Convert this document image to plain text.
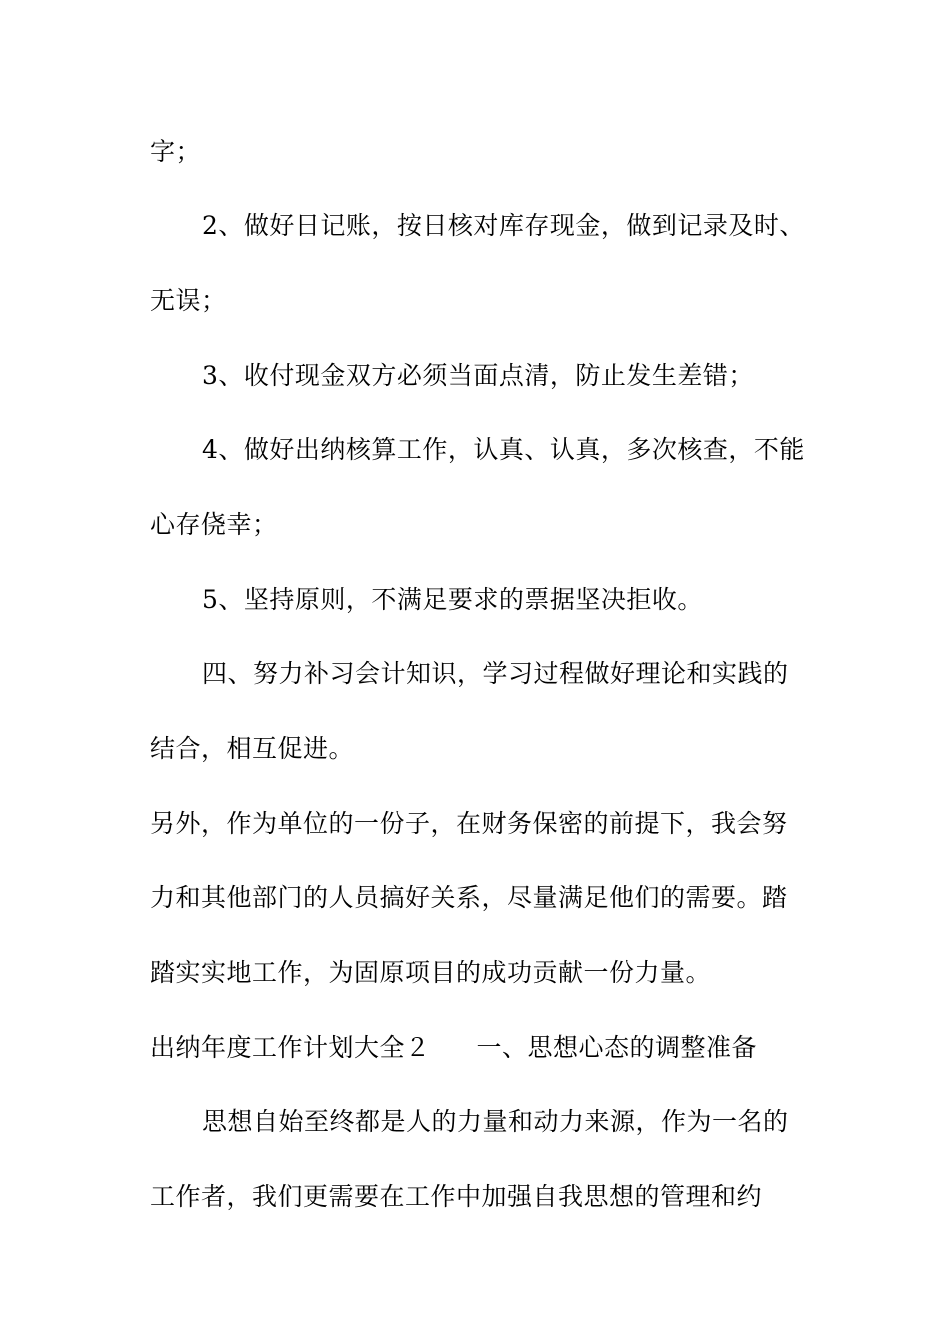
字；
2、做好日记账，按日核对库存现金，做到记录及时、
无误；
3、收付现金双方必须当面点清，防止发生差错；
4、做好出纳核算工作，认真、认真，多次核查，不能
心存侥幸；
5、坚持原则，不满足要求的票据坚决拒收。
四、努力补习会计知识，学习过程做好理论和实践的
结合，相互促进。
另外，作为单位的一份子，在财务保密的前提下，我会努
力和其他部门的人员搞好关系，尽量满足他们的需要。踏
踏实实地工作，为固原项目的成功贡献一份力量。
出纳年度工作计划大全２ 一、思想心态的调整准备
思想自始至终都是人的力量和动力来源，作为一名的
工作者，我们更需要在工作中加强自我思想的管理和约
